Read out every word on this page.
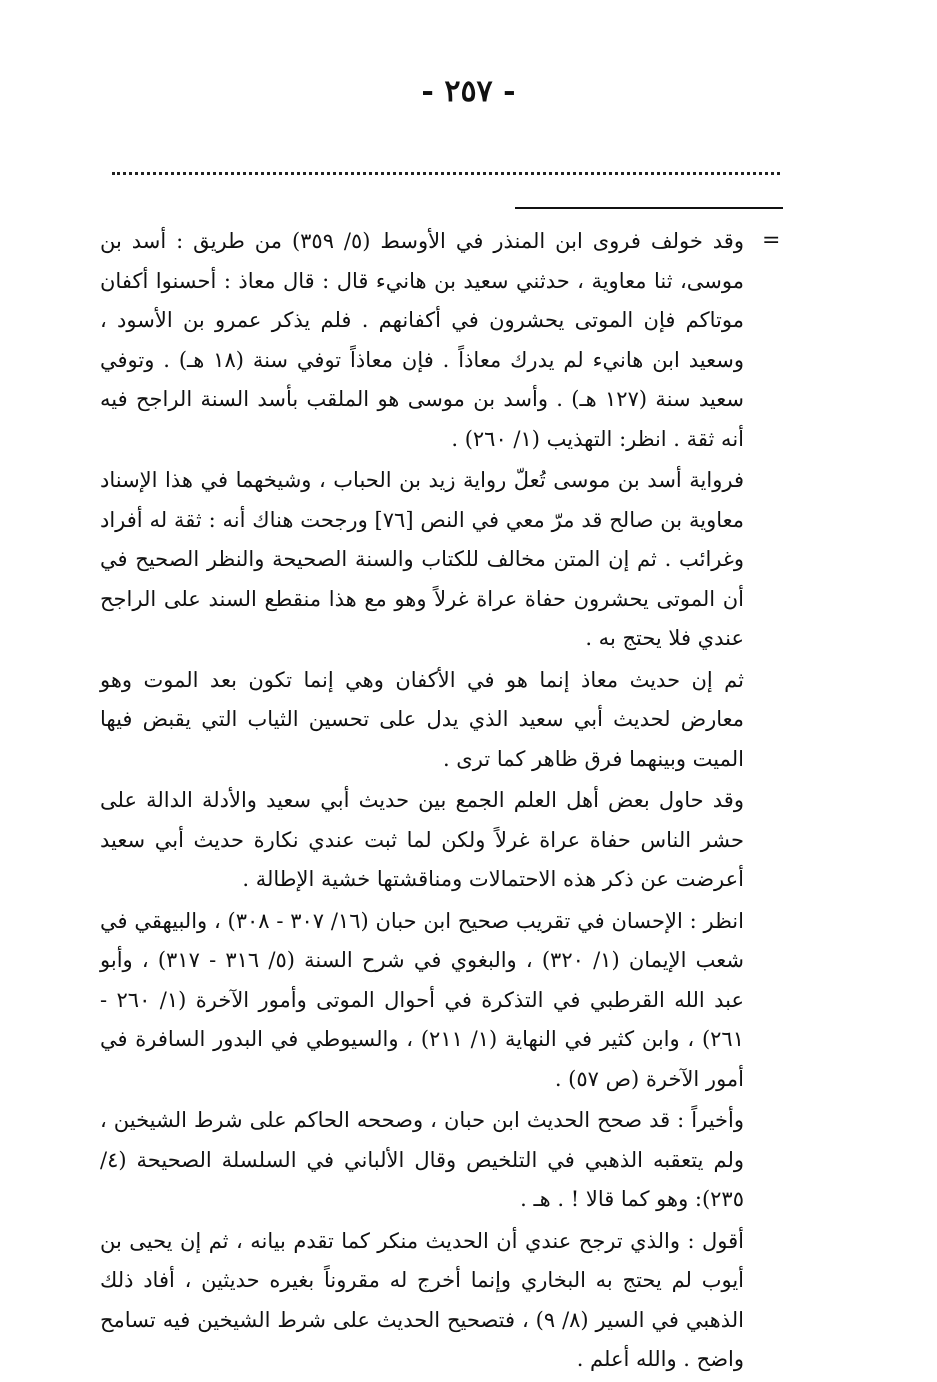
- ٢٥٧ -
=

وقد خولف فروى ابن المنذر في الأوسط (٥/ ٣٥٩) من طريق : أسد بن موسى، ثنا معاوية ، حدثني سعيد بن هانيء قال : قال معاذ : أحسنوا أكفان موتاكم فإن الموتى يحشرون في أكفانهم . فلم يذكر عمرو بن الأسود ، وسعيد ابن هانيء لم يدرك معاذاً . فإن معاذاً توفي سنة (١٨ هـ) . وتوفي سعيد سنة (١٢٧ هـ) . وأسد بن موسى هو الملقب بأسد السنة الراجح فيه أنه ثقة . انظر: التهذيب (١/ ٢٦٠) .

فرواية أسد بن موسى تُعلّ رواية زيد بن الحباب ، وشيخهما في هذا الإسناد معاوية بن صالح قد مرّ معي في النص [٧٦] ورجحت هناك أنه : ثقة له أفراد وغرائب . ثم إن المتن مخالف للكتاب والسنة الصحيحة والنظر الصحيح في أن الموتى يحشرون حفاة عراة غرلاً وهو مع هذا منقطع السند على الراجح عندي فلا يحتج به .

ثم إن حديث معاذ إنما هو في الأكفان وهي إنما تكون بعد الموت وهو معارض لحديث أبي سعيد الذي يدل على تحسين الثياب التي يقبض فيها الميت وبينهما فرق ظاهر كما ترى .

وقد حاول بعض أهل العلم الجمع بين حديث أبي سعيد والأدلة الدالة على حشر الناس حفاة عراة غرلاً ولكن لما ثبت عندي نكارة حديث أبي سعيد أعرضت عن ذكر هذه الاحتمالات ومناقشتها خشية الإطالة .

انظر : الإحسان في تقريب صحيح ابن حبان (١٦/ ٣٠٧ - ٣٠٨) ، والبيهقي في شعب الإيمان (١/ ٣٢٠) ، والبغوي في شرح السنة (٥/ ٣١٦ - ٣١٧) ، وأبو عبد الله القرطبي في التذكرة في أحوال الموتى وأمور الآخرة (١/ ٢٦٠ - ٢٦١) ، وابن كثير في النهاية (١/ ٢١١) ، والسيوطي في البدور السافرة في أمور الآخرة (ص ٥٧) .

وأخيراً : قد صحح الحديث ابن حبان ، وصححه الحاكم على شرط الشيخين ، ولم يتعقبه الذهبي في التلخيص وقال الألباني في السلسلة الصحيحة (٤/ ٢٣٥): وهو كما قالا ! . هـ .

أقول : والذي ترجح عندي أن الحديث منكر كما تقدم بيانه ، ثم إن يحيى بن أيوب لم يحتج به البخاري وإنما أخرج له مقروناً بغيره حديثين ، أفاد ذلك الذهبي في السير (٨/ ٩) ، فتصحيح الحديث على شرط الشيخين فيه تسامح واضح . والله أعلم .
